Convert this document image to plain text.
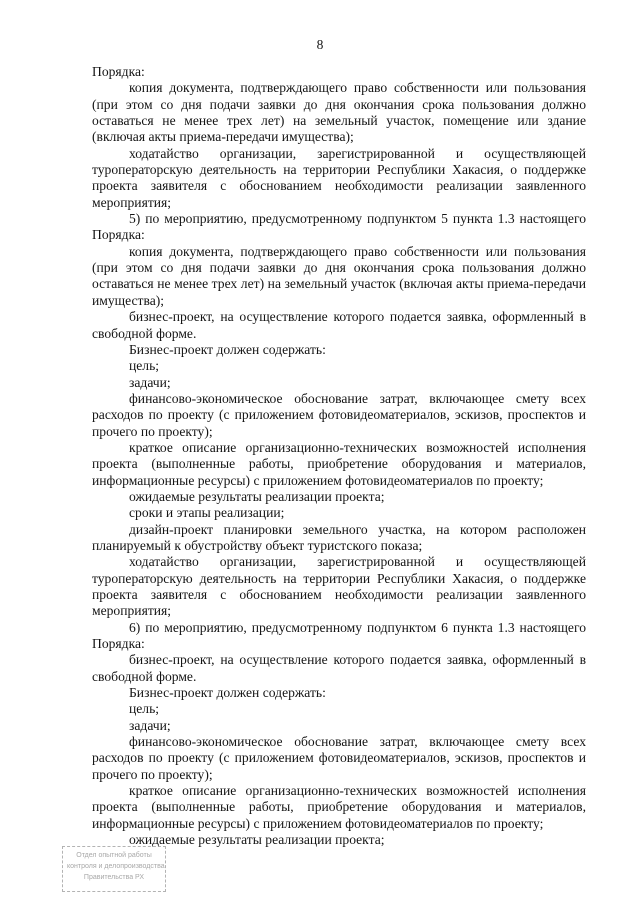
8

Порядка:

копия документа, подтверждающего право собственности или пользования (при этом со дня подачи заявки до дня окончания срока пользования должно оставаться не менее трех лет) на земельный участок, помещение или здание (включая акты приема-передачи имущества);

ходатайство организации, зарегистрированной и осуществляющей туроператорскую деятельность на территории Республики Хакасия, о поддержке проекта заявителя с обоснованием необходимости реализации заявленного мероприятия;

5) по мероприятию, предусмотренному подпунктом 5 пункта 1.3 настоящего Порядка:

копия документа, подтверждающего право собственности или пользования (при этом со дня подачи заявки до дня окончания срока пользования должно оставаться не менее трех лет) на земельный участок (включая акты приема-передачи имущества);

бизнес-проект, на осуществление которого подается заявка, оформленный в свободной форме.

Бизнес-проект должен содержать:

цель;

задачи;

финансово-экономическое обоснование затрат, включающее смету всех расходов по проекту (с приложением фотовидеоматериалов, эскизов, проспектов и прочего по проекту);

краткое описание организационно-технических возможностей исполнения проекта (выполненные работы, приобретение оборудования и материалов, информационные ресурсы) с приложением фотовидеоматериалов по проекту;

ожидаемые результаты реализации проекта;

сроки и этапы реализации;

дизайн-проект планировки земельного участка, на котором расположен планируемый к обустройству объект туристского показа;

ходатайство организации, зарегистрированной и осуществляющей туроператорскую деятельность на территории Республики Хакасия, о поддержке проекта заявителя с обоснованием необходимости реализации заявленного мероприятия;

6) по мероприятию, предусмотренному подпунктом 6 пункта 1.3 настоящего Порядка:

бизнес-проект, на осуществление которого подается заявка, оформленный в свободной форме.

Бизнес-проект должен содержать:

цель;

задачи;

финансово-экономическое обоснование затрат, включающее смету всех расходов по проекту (с приложением фотовидеоматериалов, эскизов, проспектов и прочего по проекту);

краткое описание организационно-технических возможностей исполнения проекта (выполненные работы, приобретение оборудования и материалов, информационные ресурсы) с приложением фотовидеоматериалов по проекту;

ожидаемые результаты реализации проекта;

Отдел опытной работы
контроля и делопроизводства
Правительства РХ
